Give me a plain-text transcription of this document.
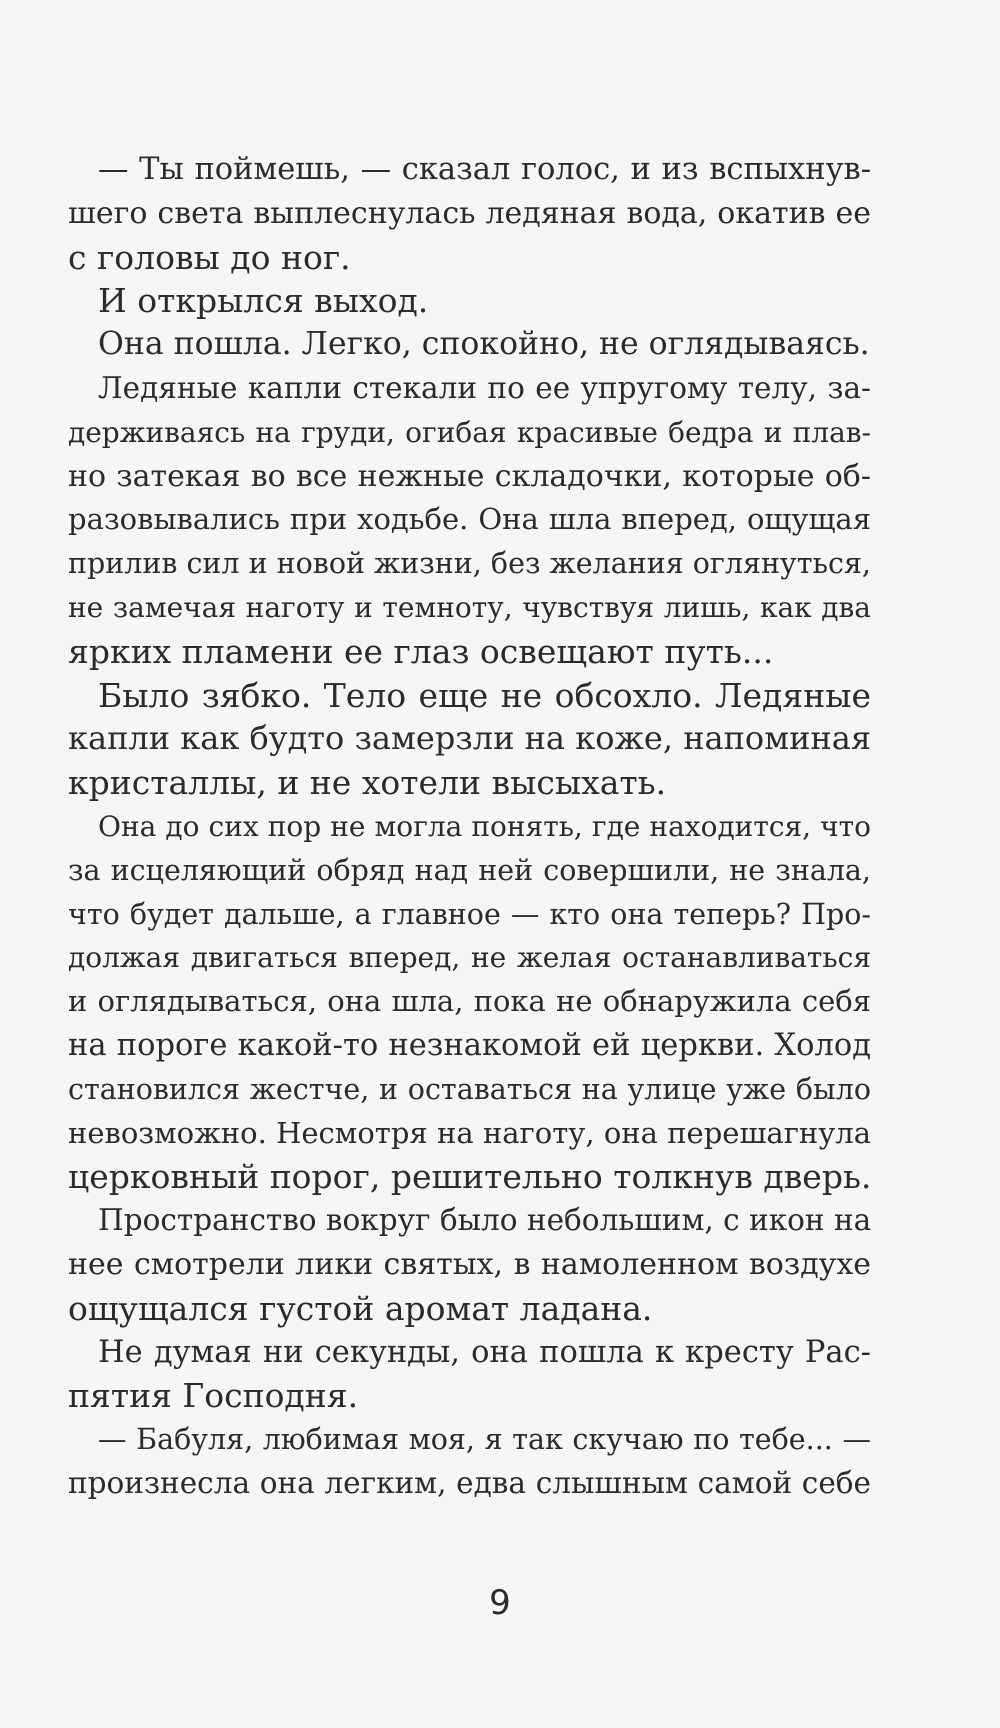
— Ты поймешь, — сказал голос, и из вспыхнув-
шего света выплеснулась ледяная вода, окатив ее
с головы до ног.

И открылся выход.

Она пошла. Легко, спокойно, не оглядываясь.

Ледяные капли стекали по ее упругому телу, за-
держиваясь на груди, огибая красивые бедра и плав-
но затекая во все нежные складочки, которые об-
разовывались при ходьбе. Она шла вперед, ощущая
прилив сил и новой жизни, без желания оглянуться,
не замечая наготу и темноту, чувствуя лишь, как два
ярких пламени ее глаз освещают путь...

Было зябко. Тело еще не обсохло. Ледяные
капли как будто замерзли на коже, напоминая
кристаллы, и не хотели высыхать.

Она до сих пор не могла понять, где находится, что
за исцеляющий обряд над ней совершили, не знала,
что будет дальше, а главное — кто она теперь? Про-
должая двигаться вперед, не желая останавливаться
и оглядываться, она шла, пока не обнаружила себя
на пороге какой-то незнакомой ей церкви. Холод
становился жестче, и оставаться на улице уже было
невозможно. Несмотря на наготу, она перешагнула
церковный порог, решительно толкнув дверь.

Пространство вокруг было небольшим, с икон на
нее смотрели лики святых, в намоленном воздухе
ощущался густой аромат ладана.

Не думая ни секунды, она пошла к кресту Рас-
пятия Господня.

— Бабуля, любимая моя, я так скучаю по тебе... —
произнесла она легким, едва слышным самой себе

9
